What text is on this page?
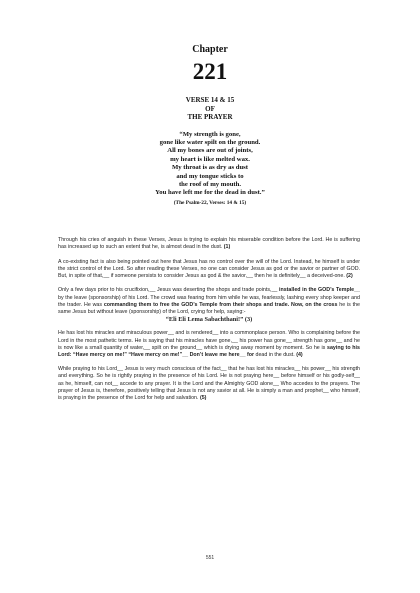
Chapter
221
VERSE 14 & 15
OF
THE PRAYER
“My strength is gone,
gone like water spilt on the ground.
All my bones are out of joints,
my heart is like melted wax.
My throat is as dry as dust
and my tongue sticks to
the roof of my mouth.
You have left me for the dead in dust.”
(The Psalm-22, Verses: 14 & 15)

Through his cries of anguish in these Verses, Jesus is trying to explain his miserable condition before the Lord. He is suffering has increased up to such an extent that he, is almost dead in the dust. (1)

A co-existing fact is also being pointed out here that Jesus has no control over the will of the Lord. Instead, he himself is under the strict control of the Lord. So after reading these Verses, no one can consider Jesus as god or the savior or partner of GOD. But, in spite of that,__ if someone persists to consider Jesus as god & the savior,__ then he is definitely__ a deceived-one. (2)

Only a few days prior to his crucifixion,__ Jesus was deserting the shops and trade points,__ installed in the GOD’s Temple__ by the leave (sponsorship) of his Lord. The crowd was fearing from him while he was, fearlessly, lashing every shop keeper and the trader. He was commanding them to free the GOD’s Temple from their shops and trade. Now, on the cross he is the same Jesus but without leave (sponsorship) of the Lord, crying for help, saying:-
“Eli Eli Lema Sabachthani!” (3)

He has lost his miracles and miraculous power__ and is rendered__ into a commonplace person. Who is complaining before the Lord in the most pathetic terms. He is saying that his miracles have gone,__ his power has gone__ strength has gone__ and he is now like a small quantity of water,__ spilt on the ground__ which is drying away moment by moment. So he is saying to his Lord: “Have mercy on me!” “Have mercy on me!”__ Don’t leave me here__ for dead in the dust. (4)

While praying to his Lord__ Jesus is very much conscious of the fact__ that he has lost his miracles__ his power__ his strength and everything. So he is rightly praying in the presence of his Lord. He is not praying here__ before himself or his godly-self__ as he, himself, can not__ accede to any prayer. It is the Lord and the Almighty GOD alone__ Who accedes to the prayers. The prayer of Jesus is, therefore, positively telling that Jesus is not any savior at all. He is simply a man and prophet__ who himself, is praying in the presence of the Lord for help and salvation. (5)

551
